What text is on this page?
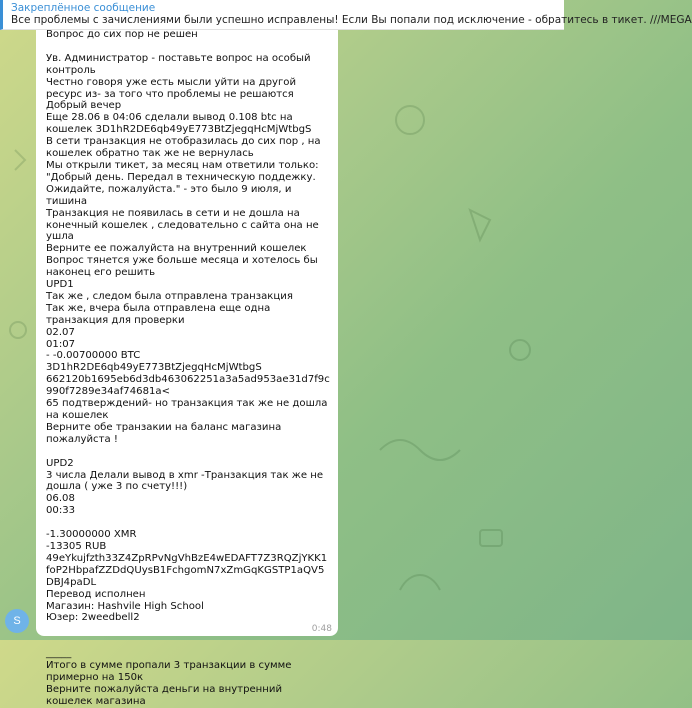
Закреплённое сообщение
Все проблемы с зачислениями были успешно исправлены! Если Вы попали под исключение - обратитесь в тикет. ///MEGA
Вопрос до сих пор не решен

Ув. Администратор - поставьте вопрос на особый контроль
Честно говоря уже есть мысли уйти на другой ресурс из- за того что проблемы не решаются
Добрый вечер
Еще 28.06 в 04:06 сделали вывод 0.108 btc на кошелек 3D1hR2DE6qb49yE773BtZjegqHcMjWtbgS
В сети транзакция не отобразилась до сих пор , на кошелек обратно так же не вернулась
Мы открыли тикет, за месяц нам ответили только:
"Добрый день. Передал в техническую поддежку. Ожидайте, пожалуйста." - это было 9 июля, и тишина
Транзакция не появилась в сети и не дошла на конечный кошелек , следовательно с сайта она не ушла
Верните ее пожалуйста на внутренний кошелек
Вопрос тянется уже больше месяца и хотелось бы наконец его решить
UPD1
Так же , следом была отправлена транзакция
Так же, вчера была отправлена еще одна транзакция для проверки
02.07
01:07
- -0.00700000 BTC 3D1hR2DE6qb49yE773BtZjegqHcMjWtbgS 662120b1695eb6d3db463062251a3a5ad953ae31d7f9c990f7289e34af74681a<
65 подтверждений- но транзакция так же не дошла на кошелек
Верните обе транзакии на баланс магазина пожалуйста !

UPD2
3 числа Делали вывод в xmr -Транзакция так же не дошла ( уже 3 по счету!!!)
06.08
00:33

-1.30000000 XMR
-13305 RUB
49eYkujfzth33Z4ZpRPvNgVhBzE4wEDAFT7Z3RQZjYKK1foP2HbpafZZDdQUysB1FchgomN7xZmGqKGSTP1aQV5DBJ4paDL
Перевод исполнен
Магазин: Hashvile High School
Юзер: 2weedbell2

_____
Итого в сумме пропали 3 транзакции в сумме примерно на 150к
Верните пожалуйста деньги на внутренний кошелек магазина
0:48
S
